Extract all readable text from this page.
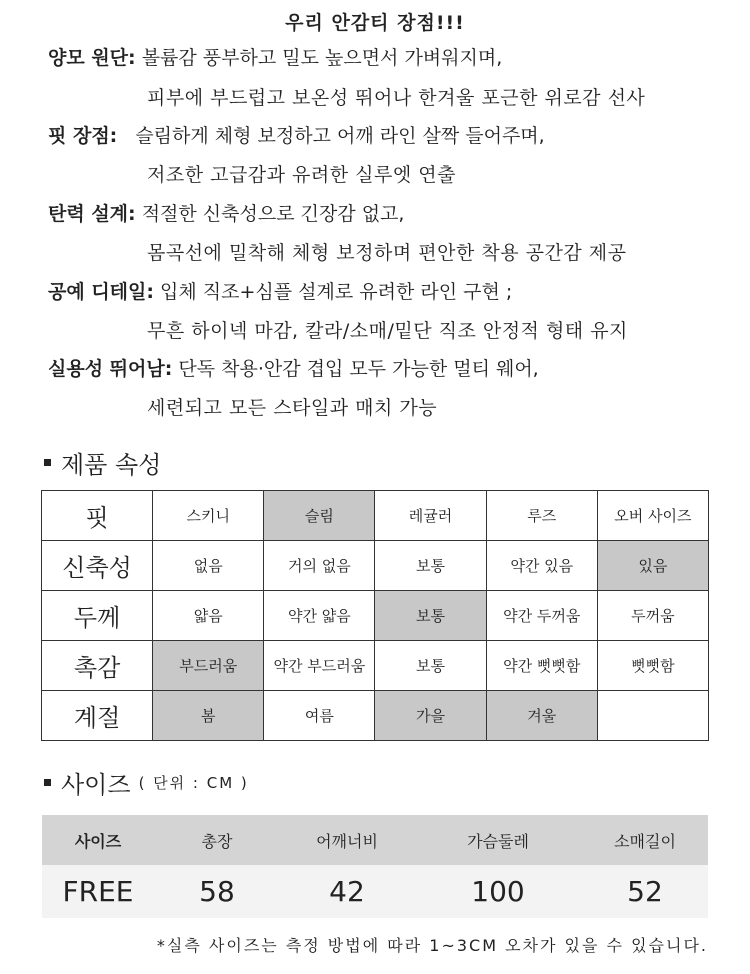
우리 안감티 장점!!!
양모 원단: 볼륨감 풍부하고 밀도 높으면서 가벼워지며,
피부에 부드럽고 보온성 뛰어나 한겨울 포근한 위로감 선사
핏 장점: 슬림하게 체형 보정하고 어깨 라인 살짝 들어주며,
저조한 고급감과 유려한 실루엣 연출
탄력 설계: 적절한 신축성으로 긴장감 없고,
몸곡선에 밀착해 체형 보정하며 편안한 착용 공간감 제공
공예 디테일: 입체 직조+심플 설계로 유려한 라인 구현 ;
무흔 하이넥 마감, 칼라/소매/밑단 직조 안정적 형태 유지
실용성 뛰어남: 단독 착용·안감 겹입 모두 가능한 멀티 웨어,
세련되고 모든 스타일과 매치 가능
제품 속성
핏	스키니	슬림	레귤러	루즈	오버 사이즈
신축성	없음	거의 없음	보통	약간 있음	있음
두께	얇음	약간 얇음	보통	약간 두꺼움	두꺼움
촉감	부드러움	약간 부드러움	보통	약간 뻣뻣함	뻣뻣함
계절	봄	여름	가을	겨울	
사이즈 ( 단위 : CM )
사이즈	총장	어깨너비	가슴둘레	소매길이
FREE	58	42	100	52
*실측 사이즈는 측정 방법에 따라 1~3CM 오차가 있을 수 있습니다.
